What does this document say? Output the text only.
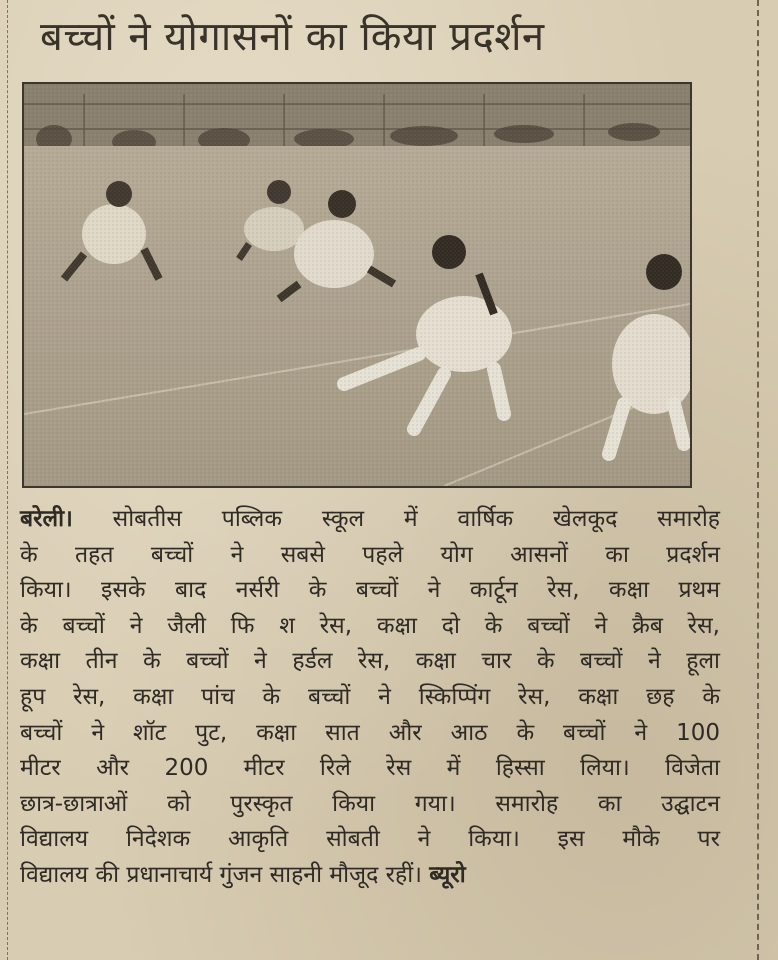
बच्चों ने योगासनों का किया प्रदर्शन
बरेली। सोबतीस पब्लिक स्कूल में वार्षिक खेलकूद समारोह
के तहत बच्चों ने सबसे पहले योग आसनों का प्रदर्शन
किया। इसके बाद नर्सरी के बच्चों ने कार्टून रेस, कक्षा प्रथम
के बच्चों ने जैली फि श रेस, कक्षा दो के बच्चों ने क्रैब रेस,
कक्षा तीन के बच्चों ने हर्डल रेस, कक्षा चार के बच्चों ने हूला
हूप रेस, कक्षा पांच के बच्चों ने स्किप्पिंग रेस, कक्षा छह के
बच्चों ने शॉट पुट, कक्षा सात और आठ के बच्चों ने 100
मीटर और 200 मीटर रिले रेस में हिस्सा लिया। विजेता
छात्र-छात्राओं को पुरस्कृत किया गया। समारोह का उद्घाटन
विद्यालय निदेशक आकृति सोबती ने किया। इस मौके पर
विद्यालय की प्रधानाचार्य गुंजन साहनी मौजूद रहीं। ब्यूरो
